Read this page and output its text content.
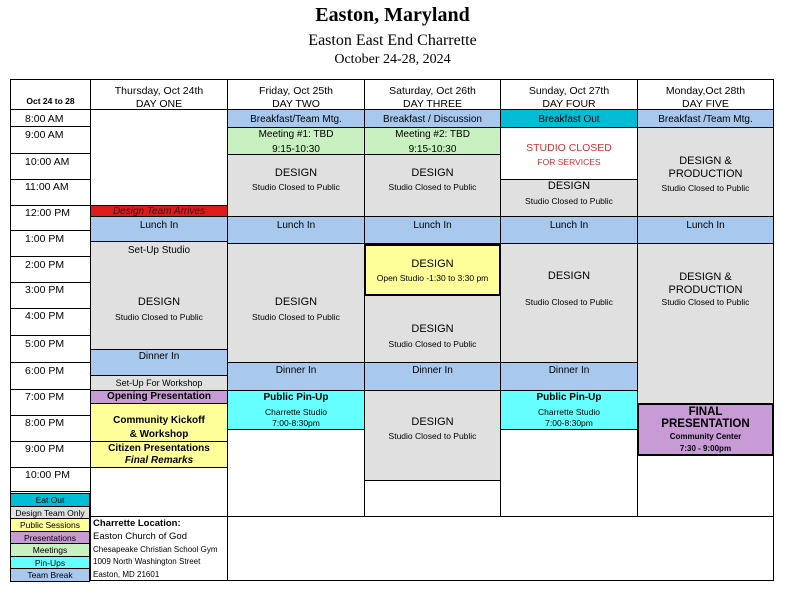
Easton, Maryland
Easton East End Charrette
October 24-28, 2024
Oct 24 to 28
Thursday, Oct 24th
DAY ONE
Friday, Oct 25th
DAY TWO
Saturday, Oct 26th
DAY THREE
Sunday, Oct 27th
DAY FOUR
Monday,Oct 28th
DAY FIVE
8:00 AM
9:00 AM
10:00 AM
11:00 AM
12:00 PM
1:00 PM
2:00 PM
3:00 PM
4:00 PM
5:00 PM
6:00 PM
7:00 PM
8:00 PM
9:00 PM
10:00 PM
Design Team Arrives
Lunch In
Set-Up Studio
DESIGN
Studio Closed to Public
Dinner In
Set-Up For Workshop
Opening Presentation
Community Kickoff
& Workshop
Citizen Presentations
Final Remarks
Breakfast/Team Mtg.
Meeting #1: TBD
9:15-10:30
DESIGN
Studio Closed to Public
Lunch In
DESIGN
Studio Closed to Public
Dinner In
Public Pin-Up
Charrette Studio
7:00-8:30pm
Breakfast / Discussion
Meeting #2: TBD
9:15-10:30
DESIGN
Studio Closed to Public
Lunch In
DESIGN
Open Studio -1:30 to 3:30 pm
DESIGN
Studio Closed to Public
Dinner In
DESIGN
Studio Closed to Public
Breakfast Out
STUDIO CLOSED
FOR SERVICES
DESIGN
Studio Closed to Public
Lunch In
DESIGN
Studio Closed to Public
Dinner In
Public Pin-Up
Charrette Studio
7:00-8:30pm
Breakfast /Team Mtg.
DESIGN &
PRODUCTION
Studio Closed to Public
Lunch In
DESIGN &
PRODUCTION
Studio Closed to Public
FINAL
PRESENTATION
Community Center
7:30 - 9:00pm
Eat Out
Design Team Only
Public Sessions
Presentations
Meetings
Pin-Ups
Team Break
Charrette Location:
Easton Church of God
Chesapeake Christian School Gym
1009 North Washington Street
Easton, MD 21601
